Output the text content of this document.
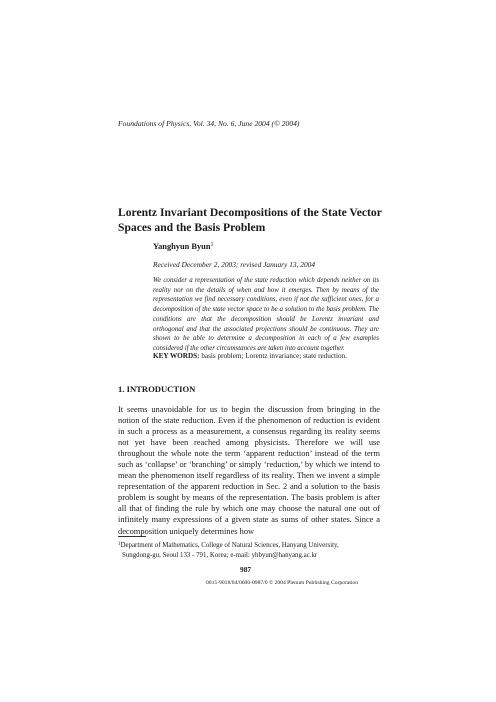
Foundations of Physics, Vol. 34, No. 6, June 2004 (© 2004)
Lorentz Invariant Decompositions of the State Vector Spaces and the Basis Problem
Yanghyun Byun$^1$
Received December 2, 2003; revised January 13, 2004

We consider a representation of the state reduction which depends neither on its reality nor on the details of when and how it emerges. Then by means of the representation we find necessary conditions, even if not the sufficient ones, for a decomposition of the state vector space to be a solution to the basis problem. The conditions are that the decomposition should be Lorentz invariant and orthogonal and that the associated projections should be continuous. They are shown to be able to determine a decomposition in each of a few examples considered if the other circumstances are taken into account together.

KEY WORDS: basis problem; Lorentz invariance; state reduction.
1. INTRODUCTION

It seems unavoidable for us to begin the discussion from bringing in the notion of the state reduction. Even if the phenomenon of reduction is evident in such a process as a measurement, a consensus regarding its reality seems not yet have been reached among physicists. Therefore we will use throughout the whole note the term ‘apparent reduction’ instead of the term such as ‘collapse’ or ‘branching’ or simply ‘reduction,’ by which we intend to mean the phenomenon itself regardless of its reality. Then we invent a simple representation of the apparent reduction in Sec. 2 and a solution to the basis problem is sought by means of the representation. The basis problem is after all that of finding the rule by which one may choose the natural one out of infinitely many expressions of a given state as sums of other states. Since a decomposition uniquely determines how

$^1$Department of Mathematics, College of Natural Sciences, Hanyang University,
Sungdong-gu, Seoul 133 - 791, Korea; e-mail: yhbyun@hanyang.ac.kr

987
0015-9018/04/0600-0987/0 © 2004 Plenum Publishing Corporation
